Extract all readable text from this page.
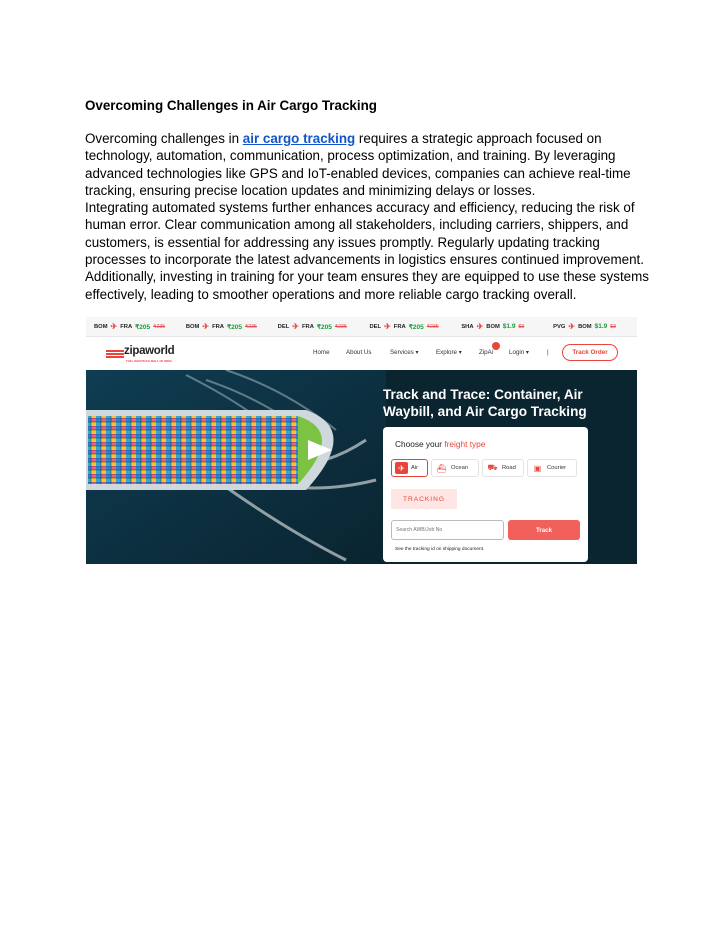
Overcoming Challenges in Air Cargo Tracking
Overcoming challenges in air cargo tracking requires a strategic approach focused on
technology, automation, communication, process optimization, and training. By leveraging
advanced technologies like GPS and IoT-enabled devices, companies can achieve real-time
tracking, ensuring precise location updates and minimizing delays or losses.
Integrating automated systems further enhances accuracy and efficiency, reducing the risk of
human error. Clear communication among all stakeholders, including carriers, shippers, and
customers, is essential for addressing any issues promptly. Regularly updating tracking
processes to incorporate the latest advancements in logistics ensures continued improvement.
Additionally, investing in training for your team ensures they are equipped to use these systems
effectively, leading to smoother operations and more reliable cargo tracking overall.
BOM ✈ FRA ₹205 ₹235	BOM ✈ FRA ₹205 ₹235	DEL ✈ FRA ₹205 ₹235	DEL ✈ FRA ₹205 ₹235	SHA ✈ BOM $1.9 $3	PVG ✈ BOM $1.9 $3
zipaworld
THE LOGISTICS E-MALL OF INDIA
Home	About Us	Services ▾	Explore ▾	ZipAi	Login ▾	|	Track Order
Track and Trace: Container, Air
Waybill, and Air Cargo Tracking
Choose your freight type
✈	Air ⛴ Ocean ⛟ Road	▣ Courier
TRACKING
Search AWB/Job No
Track
See the tracking id on shipping document.
